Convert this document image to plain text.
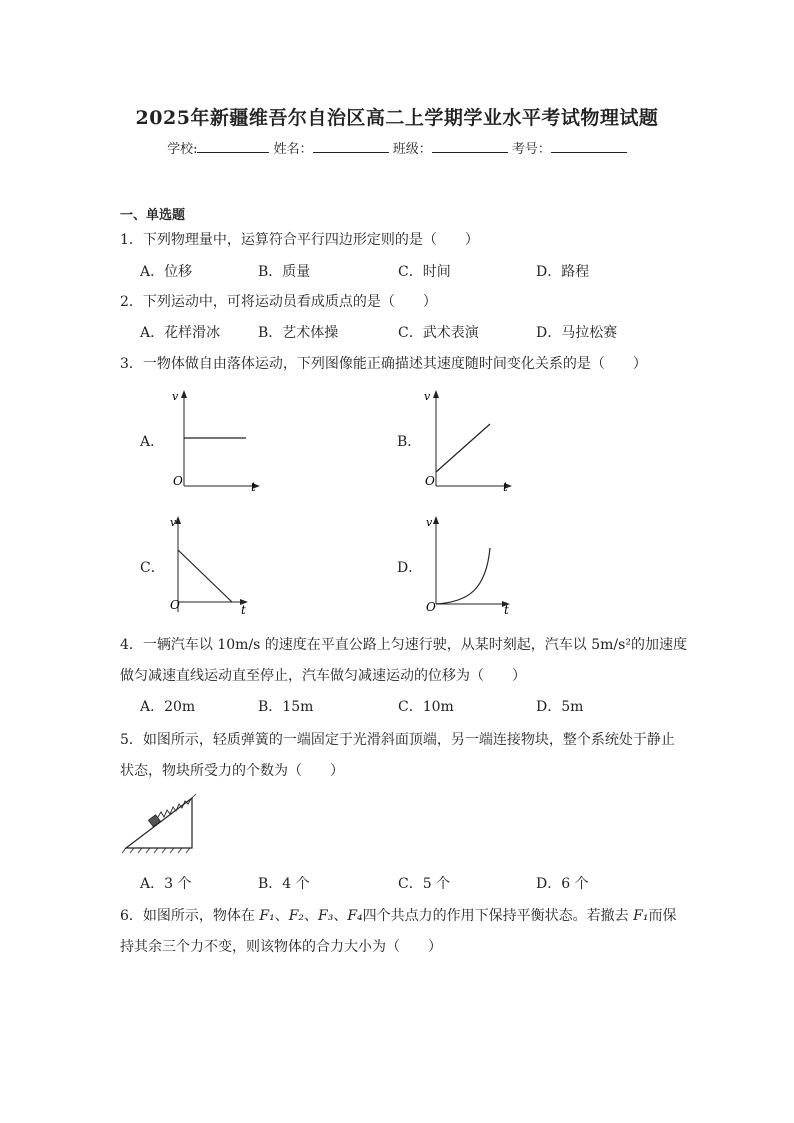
2025年新疆维吾尔自治区高二上学期学业水平考试物理试题
学校:	姓名：	班级：	考号：
一、单选题
1．下列物理量中，运算符合平行四边形定则的是（　　）
A．位移	B．质量	C．时间	D．路程
2．下列运动中，可将运动员看成质点的是（　　）
A．花样滑冰	B．艺术体操	C．武术表演	D．马拉松赛
3．一物体做自由落体运动，下列图像能正确描述其速度随时间变化关系的是（　　）
A．
v
t
O
B．
v
t
O
C．
v
t
O
D．
v
t
O
4．一辆汽车以 10m/s 的速度在平直公路上匀速行驶，从某时刻起，汽车以 5m/s²的加速度
做匀减速直线运动直至停止，汽车做匀减速运动的位移为（　　）
A．20m	B．15m	C．10m	D．5m
5．如图所示，轻质弹簧的一端固定于光滑斜面顶端，另一端连接物块，整个系统处于静止
状态，物块所受力的个数为（　　）
A．3 个	B．4 个	C．5 个	D．6 个
6．如图所示，物体在 F₁、F₂、F₃、F₄四个共点力的作用下保持平衡状态。若撤去 F₁而保
持其余三个力不变，则该物体的合力大小为（　　）
